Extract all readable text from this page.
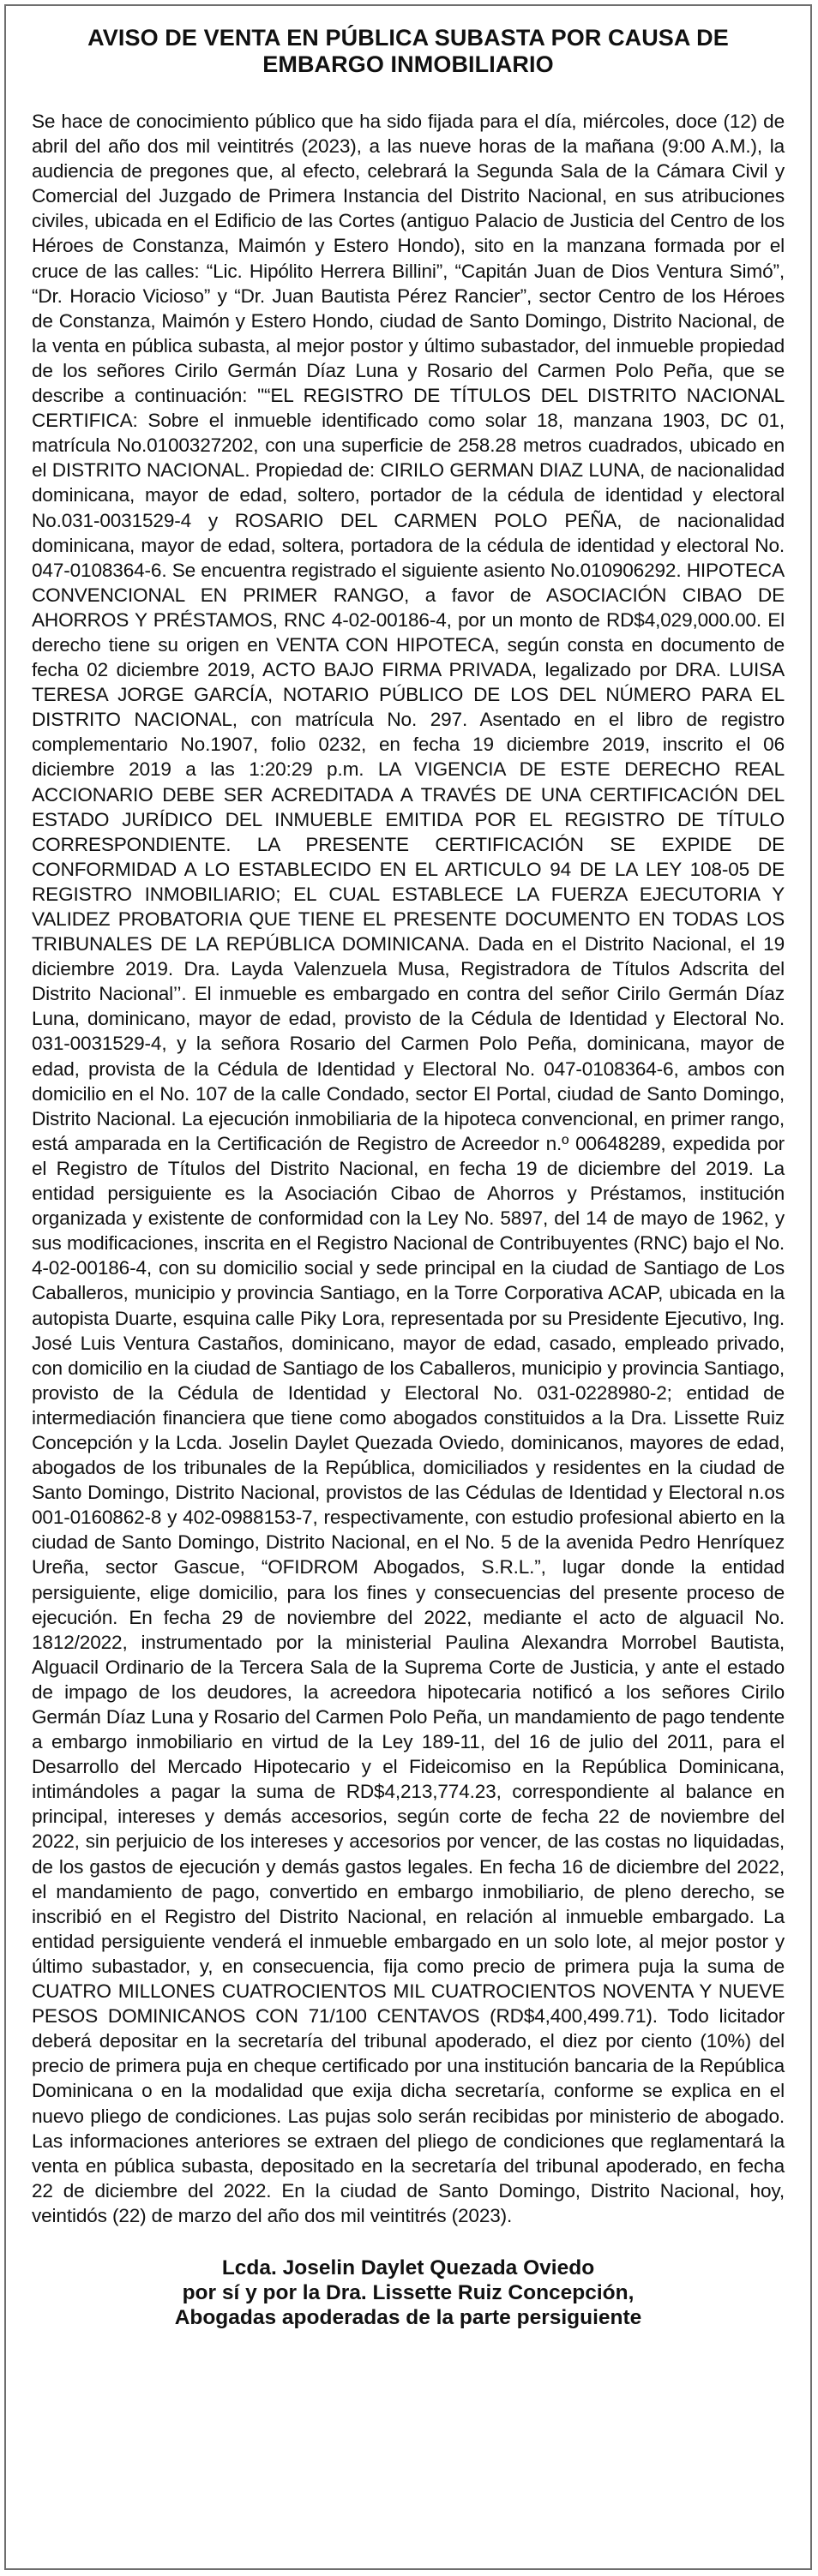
AVISO DE VENTA EN PÚBLICA SUBASTA POR CAUSA DE
EMBARGO INMOBILIARIO

Se hace de conocimiento público que ha sido fijada para el día, miércoles, doce (12) de abril del año dos mil veintitrés (2023), a las nueve horas de la mañana (9:00 A.M.), la audiencia de pregones que, al efecto, celebrará la Segunda Sala de la Cámara Civil y Comercial del Juzgado de Primera Instancia del Distrito Nacional, en sus atribuciones civiles, ubicada en el Edificio de las Cortes (antiguo Palacio de Justicia del Centro de los Héroes de Constanza, Maimón y Estero Hondo), sito en la manzana formada por el cruce de las calles: “Lic. Hipólito Herrera Billini”, “Capitán Juan de Dios Ventura Simó”, “Dr. Horacio Vicioso” y “Dr. Juan Bautista Pérez Rancier”, sector Centro de los Héroes de Constanza, Maimón y Estero Hondo, ciudad de Santo Domingo, Distrito Nacional, de la venta en pública subasta, al mejor postor y último subastador, del inmueble propiedad de los señores Cirilo Germán Díaz Luna y Rosario del Carmen Polo Peña, que se describe a continuación: "“EL REGISTRO DE TÍTULOS DEL DISTRITO NACIONAL CERTIFICA: Sobre el inmueble identificado como solar 18, manzana 1903, DC 01, matrícula No.0100327202, con una superficie de 258.28 metros cuadrados, ubicado en el DISTRITO NACIONAL. Propiedad de: CIRILO GERMAN DIAZ LUNA, de nacionalidad dominicana, mayor de edad, soltero, portador de la cédula de identidad y electoral No.031-0031529-4 y ROSARIO DEL CARMEN POLO PEÑA, de nacionalidad dominicana, mayor de edad, soltera, portadora de la cédula de identidad y electoral No. 047-0108364-6. Se encuentra registrado el siguiente asiento No.010906292. HIPOTECA CONVENCIONAL EN PRIMER RANGO, a favor de ASOCIACIÓN CIBAO DE AHORROS Y PRÉSTAMOS, RNC 4-02-00186-4, por un monto de RD$4,029,000.00. El derecho tiene su origen en VENTA CON HIPOTECA, según consta en documento de fecha 02 diciembre 2019, ACTO BAJO FIRMA PRIVADA, legalizado por DRA. LUISA TERESA JORGE GARCÍA, NOTARIO PÚBLICO DE LOS DEL NÚMERO PARA EL DISTRITO NACIONAL, con matrícula No. 297. Asentado en el libro de registro complementario No.1907, folio 0232, en fecha 19 diciembre 2019, inscrito el 06 diciembre 2019 a las 1:20:29 p.m. LA VIGENCIA DE ESTE DERECHO REAL ACCIONARIO DEBE SER ACREDITADA A TRAVÉS DE UNA CERTIFICACIÓN DEL ESTADO JURÍDICO DEL INMUEBLE EMITIDA POR EL REGISTRO DE TÍTULO CORRESPONDIENTE. LA PRESENTE CERTIFICACIÓN SE EXPIDE DE CONFORMIDAD A LO ESTABLECIDO EN EL ARTICULO 94 DE LA LEY 108-05 DE REGISTRO INMOBILIARIO; EL CUAL ESTABLECE LA FUERZA EJECUTORIA Y VALIDEZ PROBATORIA QUE TIENE EL PRESENTE DOCUMENTO EN TODAS LOS TRIBUNALES DE LA REPÚBLICA DOMINICANA. Dada en el Distrito Nacional, el 19 diciembre 2019. Dra. Layda Valenzuela Musa, Registradora de Títulos Adscrita del Distrito Nacional’’. El inmueble es embargado en contra del señor Cirilo Germán Díaz Luna, dominicano, mayor de edad, provisto de la Cédula de Identidad y Electoral No. 031-0031529-4, y la señora Rosario del Carmen Polo Peña, dominicana, mayor de edad, provista de la Cédula de Identidad y Electoral No. 047-0108364-6, ambos con domicilio en el No. 107 de la calle Condado, sector El Portal, ciudad de Santo Domingo, Distrito Nacional. La ejecución inmobiliaria de la hipoteca convencional, en primer rango, está amparada en la Certificación de Registro de Acreedor n.º 00648289, expedida por el Registro de Títulos del Distrito Nacional, en fecha 19 de diciembre del 2019. La entidad persiguiente es la Asociación Cibao de Ahorros y Préstamos, institución organizada y existente de conformidad con la Ley No. 5897, del 14 de mayo de 1962, y sus modificaciones, inscrita en el Registro Nacional de Contribuyentes (RNC) bajo el No. 4-02-00186-4, con su domicilio social y sede principal en la ciudad de Santiago de Los Caballeros, municipio y provincia Santiago, en la Torre Corporativa ACAP, ubicada en la autopista Duarte, esquina calle Piky Lora, representada por su Presidente Ejecutivo, Ing. José Luis Ventura Castaños, dominicano, mayor de edad, casado, empleado privado, con domicilio en la ciudad de Santiago de los Caballeros, municipio y provincia Santiago, provisto de la Cédula de Identidad y Electoral No. 031-0228980-2; entidad de intermediación financiera que tiene como abogados constituidos a la Dra. Lissette Ruiz Concepción y la Lcda. Joselin Daylet Quezada Oviedo, dominicanos, mayores de edad, abogados de los tribunales de la República, domiciliados y residentes en la ciudad de Santo Domingo, Distrito Nacional, provistos de las Cédulas de Identidad y Electoral n.os 001-0160862-8 y 402-0988153-7, respectivamente, con estudio profesional abierto en la ciudad de Santo Domingo, Distrito Nacional, en el No. 5 de la avenida Pedro Henríquez Ureña, sector Gascue, “OFIDROM Abogados, S.R.L.”, lugar donde la entidad persiguiente, elige domicilio, para los fines y consecuencias del presente proceso de ejecución. En fecha 29 de noviembre del 2022, mediante el acto de alguacil No. 1812/2022, instrumentado por la ministerial Paulina Alexandra Morrobel Bautista, Alguacil Ordinario de la Tercera Sala de la Suprema Corte de Justicia, y ante el estado de impago de los deudores, la acreedora hipotecaria notificó a los señores Cirilo Germán Díaz Luna y Rosario del Carmen Polo Peña, un mandamiento de pago tendente a embargo inmobiliario en virtud de la Ley 189-11, del 16 de julio del 2011, para el Desarrollo del Mercado Hipotecario y el Fideicomiso en la República Dominicana, intimándoles a pagar la suma de RD$4,213,774.23, correspondiente al balance en principal, intereses y demás accesorios, según corte de fecha 22 de noviembre del 2022, sin perjuicio de los intereses y accesorios por vencer, de las costas no liquidadas, de los gastos de ejecución y demás gastos legales. En fecha 16 de diciembre del 2022, el mandamiento de pago, convertido en embargo inmobiliario, de pleno derecho, se inscribió en el Registro del Distrito Nacional, en relación al inmueble embargado. La entidad persiguiente venderá el inmueble embargado en un solo lote, al mejor postor y último subastador, y, en consecuencia, fija como precio de primera puja la suma de CUATRO MILLONES CUATROCIENTOS MIL CUATROCIENTOS NOVENTA Y NUEVE PESOS DOMINICANOS CON 71/100 CENTAVOS (RD$4,400,499.71). Todo licitador deberá depositar en la secretaría del tribunal apoderado, el diez por ciento (10%) del precio de primera puja en cheque certificado por una institución bancaria de la República Dominicana o en la modalidad que exija dicha secretaría, conforme se explica en el nuevo pliego de condiciones. Las pujas solo serán recibidas por ministerio de abogado. Las informaciones anteriores se extraen del pliego de condiciones que reglamentará la venta en pública subasta, depositado en la secretaría del tribunal apoderado, en fecha 22 de diciembre del 2022. En la ciudad de Santo Domingo, Distrito Nacional, hoy, veintidós (22) de marzo del año dos mil veintitrés (2023).

Lcda. Joselin Daylet Quezada Oviedo
por sí y por la Dra. Lissette Ruiz Concepción,
Abogadas apoderadas de la parte persiguiente
